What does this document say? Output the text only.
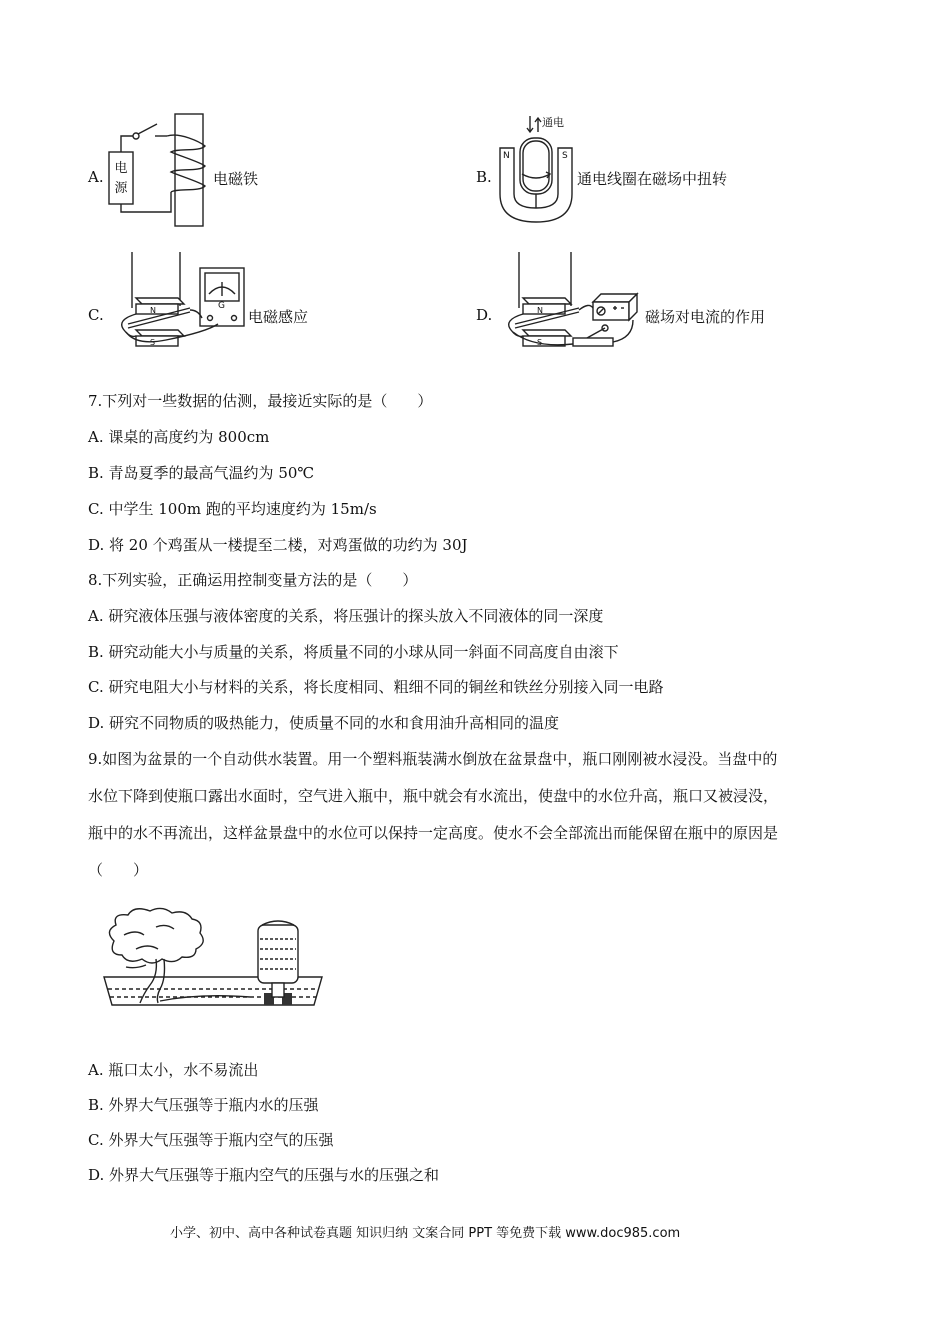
A. 电
源
电磁铁	B.
通电
N	S
通电线圈在磁场中扭转
C.	N
S
G
电磁感应	D.	N
S
磁场对电流的作用
7.下列对一些数据的估测，最接近实际的是（　　）
A. 课桌的高度约为 800cm
B. 青岛夏季的最高气温约为 50℃
C. 中学生 100m 跑的平均速度约为 15m/s
D. 将 20 个鸡蛋从一楼提至二楼，对鸡蛋做的功约为 30J
8.下列实验，正确运用控制变量方法的是（　　）
A. 研究液体压强与液体密度的关系，将压强计的探头放入不同液体的同一深度
B. 研究动能大小与质量的关系，将质量不同的小球从同一斜面不同高度自由滚下
C. 研究电阻大小与材料的关系，将长度相同、粗细不同的铜丝和铁丝分别接入同一电路
D. 研究不同物质的吸热能力，使质量不同的水和食用油升高相同的温度
9.如图为盆景的一个自动供水装置。用一个塑料瓶装满水倒放在盆景盘中，瓶口刚刚被水浸没。当盘中的
水位下降到使瓶口露出水面时，空气进入瓶中，瓶中就会有水流出，使盘中的水位升高，瓶口又被浸没，
瓶中的水不再流出，这样盆景盘中的水位可以保持一定高度。使水不会全部流出而能保留在瓶中的原因是
（　　）
A. 瓶口太小，水不易流出
B. 外界大气压强等于瓶内水的压强
C. 外界大气压强等于瓶内空气的压强
D. 外界大气压强等于瓶内空气的压强与水的压强之和
小学、初中、高中各种试卷真题 知识归纳 文案合同 PPT 等免费下载 www.doc985.com
